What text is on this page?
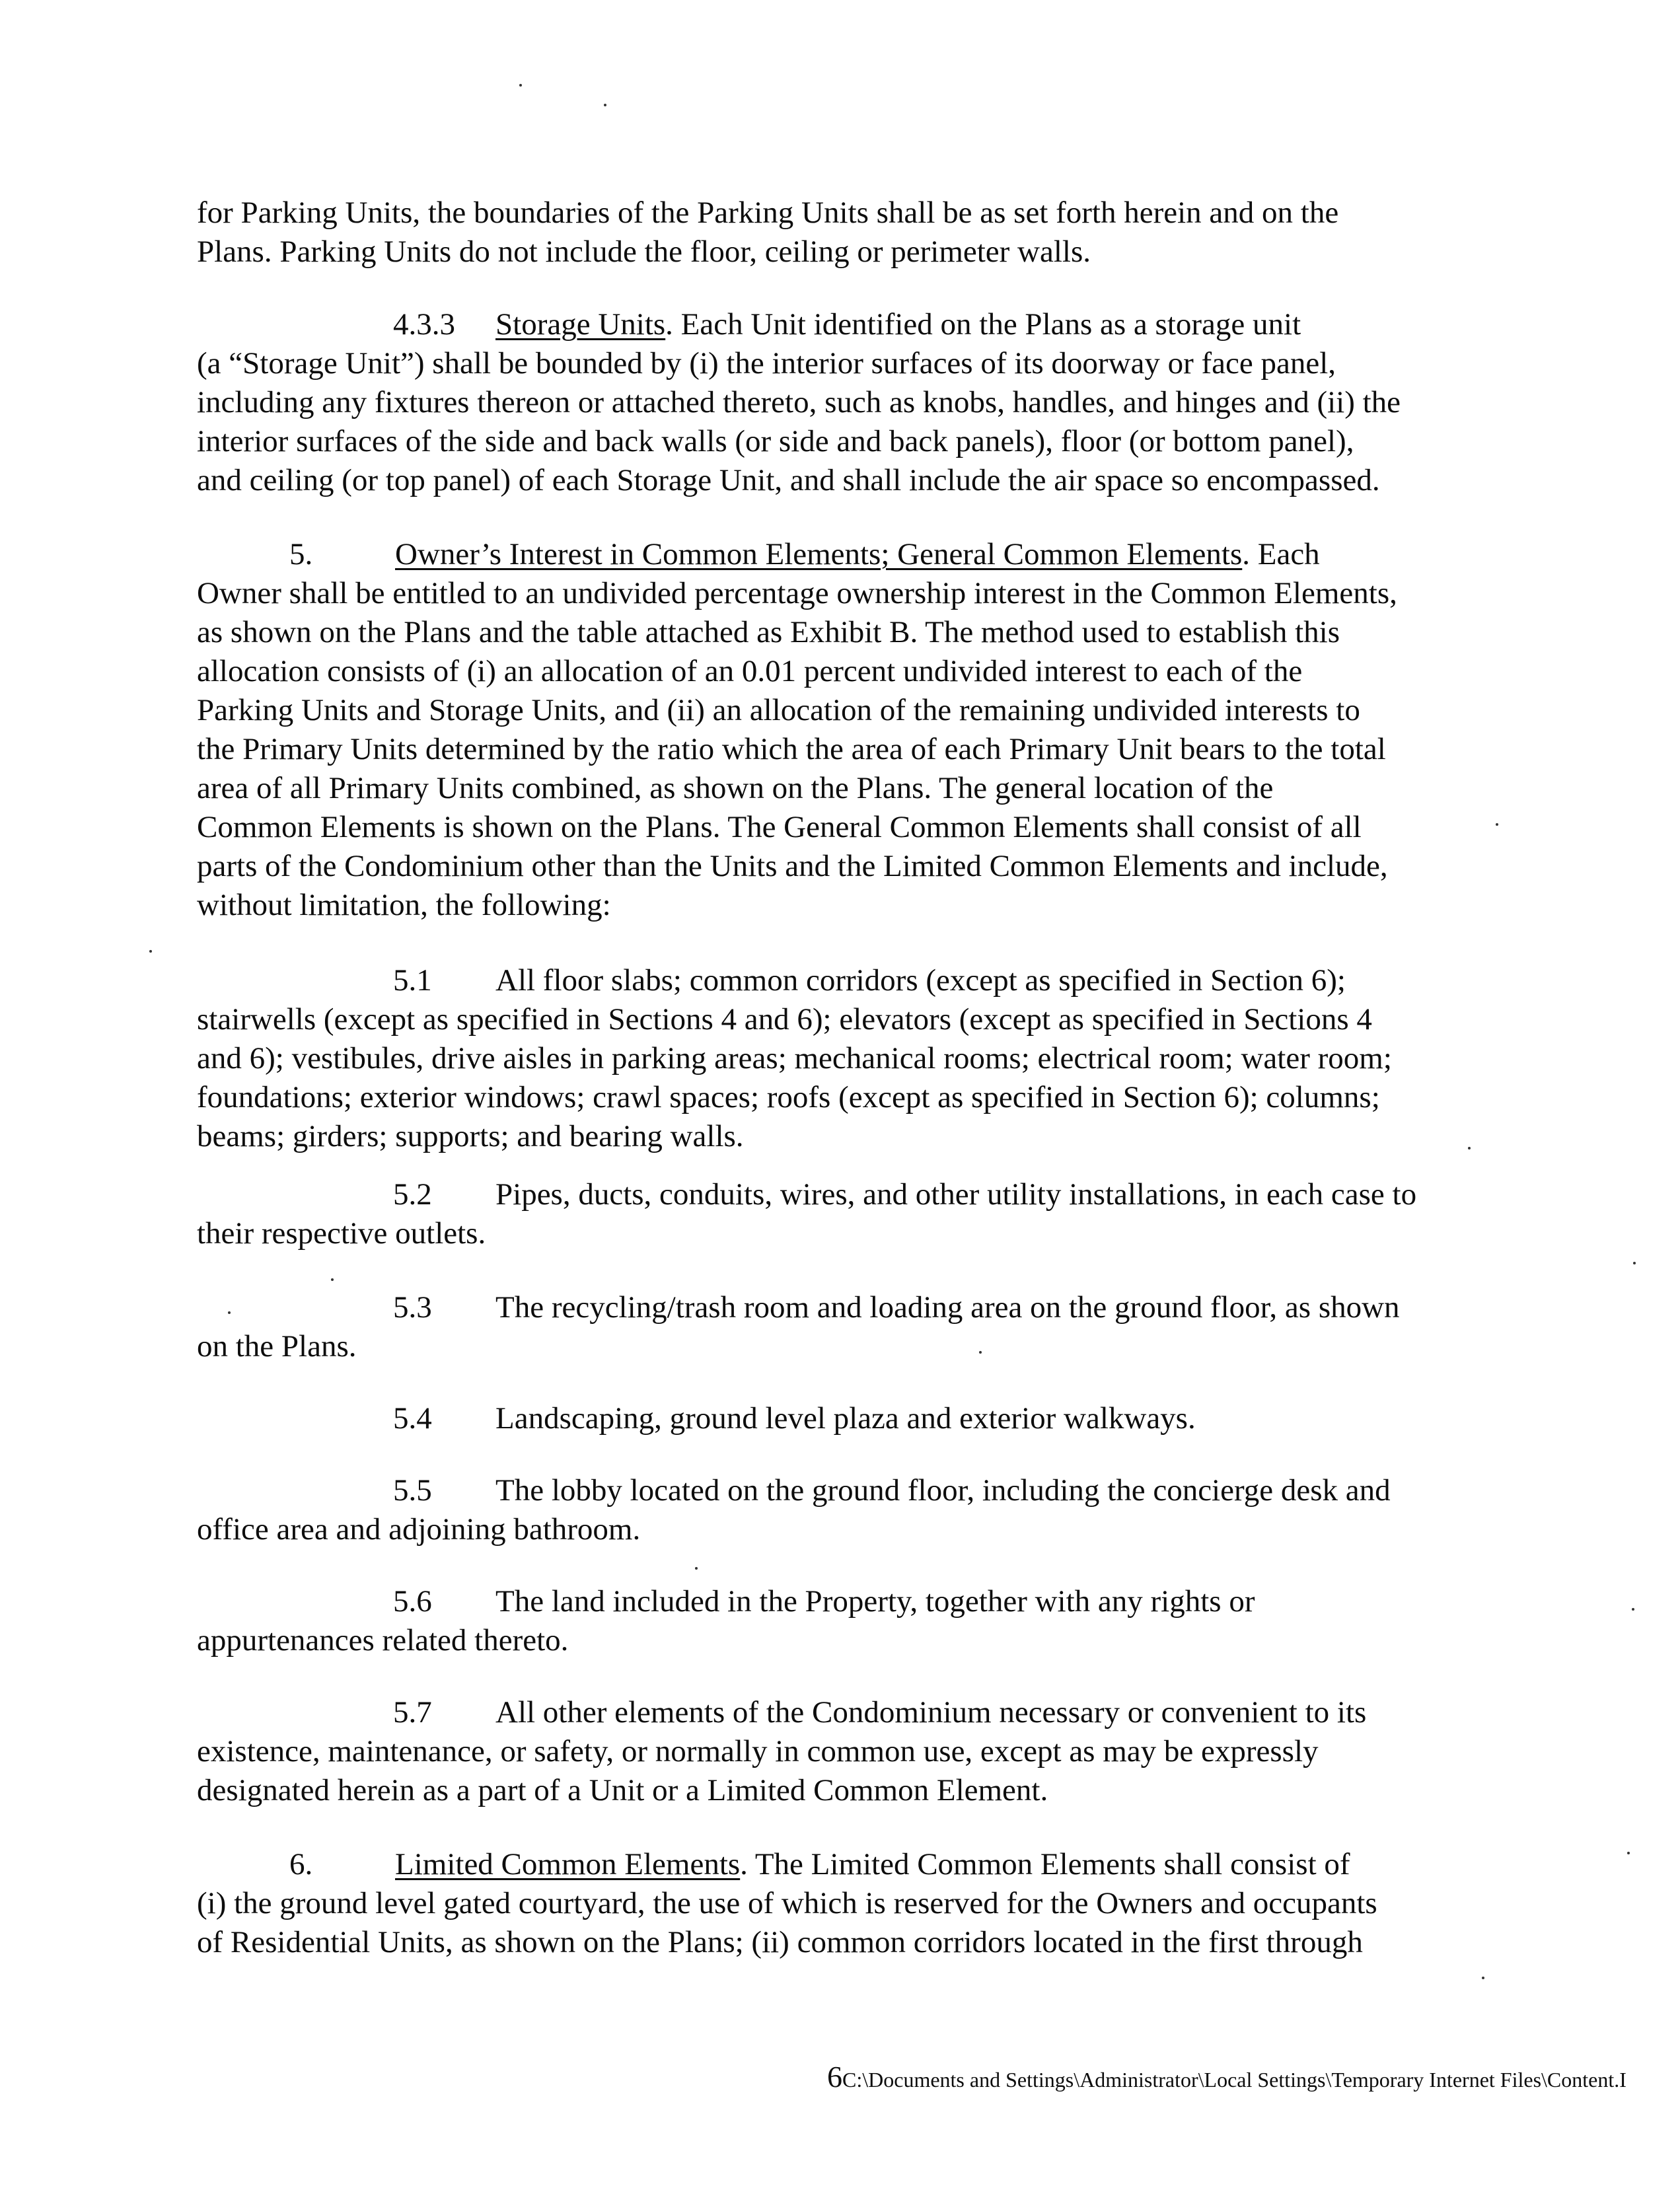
for Parking Units, the boundaries of the Parking Units shall be as set forth herein and on the
Plans. Parking Units do not include the floor, ceiling or perimeter walls.

4.3.3 Storage Units. Each Unit identified on the Plans as a storage unit
(a “Storage Unit”) shall be bounded by (i) the interior surfaces of its doorway or face panel,
including any fixtures thereon or attached thereto, such as knobs, handles, and hinges and (ii) the
interior surfaces of the side and back walls (or side and back panels), floor (or bottom panel),
and ceiling (or top panel) of each Storage Unit, and shall include the air space so encompassed.

5.	Owner’s Interest in Common Elements; General Common Elements. Each
Owner shall be entitled to an undivided percentage ownership interest in the Common Elements,
as shown on the Plans and the table attached as Exhibit B. The method used to establish this
allocation consists of (i) an allocation of an 0.01 percent undivided interest to each of the
Parking Units and Storage Units, and (ii) an allocation of the remaining undivided interests to
the Primary Units determined by the ratio which the area of each Primary Unit bears to the total
area of all Primary Units combined, as shown on the Plans. The general location of the
Common Elements is shown on the Plans. The General Common Elements shall consist of all
parts of the Condominium other than the Units and the Limited Common Elements and include,
without limitation, the following:

5.1 All floor slabs; common corridors (except as specified in Section 6);
stairwells (except as specified in Sections 4 and 6); elevators (except as specified in Sections 4
and 6); vestibules, drive aisles in parking areas; mechanical rooms; electrical room; water room;
foundations; exterior windows; crawl spaces; roofs (except as specified in Section 6); columns;
beams; girders; supports; and bearing walls.

5.2 Pipes, ducts, conduits, wires, and other utility installations, in each case to
their respective outlets.

5.3 The recycling/trash room and loading area on the ground floor, as shown
on the Plans.

5.4 Landscaping, ground level plaza and exterior walkways.

5.5 The lobby located on the ground floor, including the concierge desk and
office area and adjoining bathroom.

5.6 The land included in the Property, together with any rights or
appurtenances related thereto.

5.7 All other elements of the Condominium necessary or convenient to its
existence, maintenance, or safety, or normally in common use, except as may be expressly
designated herein as a part of a Unit or a Limited Common Element.

6.	Limited Common Elements. The Limited Common Elements shall consist of
(i) the ground level gated courtyard, the use of which is reserved for the Owners and occupants
of Residential Units, as shown on the Plans; (ii) common corridors located in the first through

6C:\Documents and Settings\Administrator\Local Settings\Temporary Internet Files\Content.I
